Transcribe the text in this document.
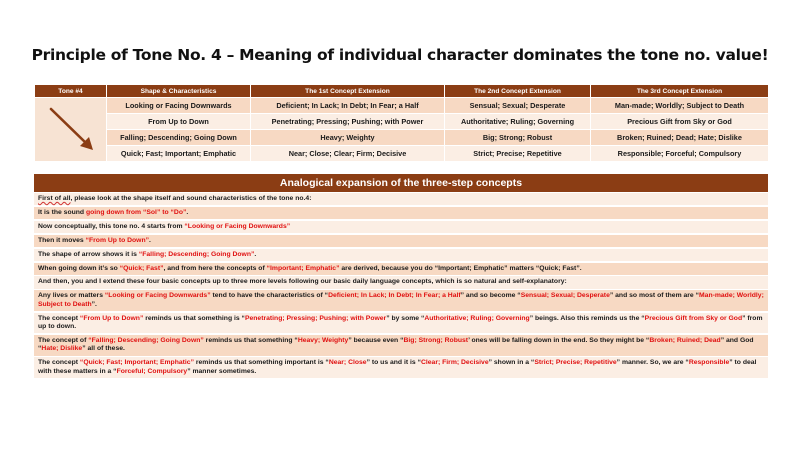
Principle of Tone No. 4 – Meaning of individual character dominates the tone no. value!
Tone #4	Shape & Characteristics	The 1st Concept Extension	The 2nd Concept Extension	The 3rd Concept Extension
	Looking or Facing Downwards	Deficient; In Lack; In Debt; In Fear; a Half	Sensual; Sexual; Desperate	Man-made; Worldly; Subject to Death
	From Up to Down	Penetrating; Pressing; Pushing; with Power	Authoritative; Ruling; Governing	Precious Gift from Sky or God
	Falling; Descending; Going Down	Heavy; Weighty	Big; Strong; Robust	Broken; Ruined; Dead; Hate; Dislike
	Quick; Fast; Important; Emphatic	Near; Close; Clear; Firm; Decisive	Strict; Precise; Repetitive	Responsible; Forceful; Compulsory
Analogical expansion of the three-step concepts
First of all, please look at the shape itself and sound characteristics of the tone no.4:
It is the sound going down from “Sol” to “Do”.
Now conceptually, this tone no. 4 starts from “Looking or Facing Downwards”
Then it moves “From Up to Down”.
The shape of arrow shows it is “Falling; Descending; Going Down”.
When going down it’s so “Quick; Fast”, and from here the concepts of “Important; Emphatic” are derived, because you do “Important; Emphatic” matters “Quick; Fast”.
And then, you and I extend these four basic concepts up to three more levels following our basic daily language concepts, which is so natural and self-explanatory:
Any lives or matters “Looking or Facing Downwards” tend to have the characteristics of “Deficient; In Lack; In Debt; In Fear; a Half” and so become “Sensual; Sexual; Desperate” and so most of them are “Man-made; Worldly; Subject to Death”.
The concept “From Up to Down” reminds us that something is “Penetrating; Pressing; Pushing; with Power” by some “Authoritative; Ruling; Governing” beings. Also this reminds us the “Precious Gift from Sky or God” from up to down.
The concept of “Falling; Descending; Going Down” reminds us that something “Heavy; Weighty” because even “Big; Strong; Robust’ ones will be falling down in the end. So they might be “Broken; Ruined; Dead” and God “Hate; Dislike” all of these.
The concept “Quick; Fast; Important; Emphatic” reminds us that something important is “Near; Close” to us and it is “Clear; Firm; Decisive” shown in a “Strict; Precise; Repetitive” manner. So, we are “Responsible” to deal with these matters in a “Forceful; Compulsory” manner sometimes.
